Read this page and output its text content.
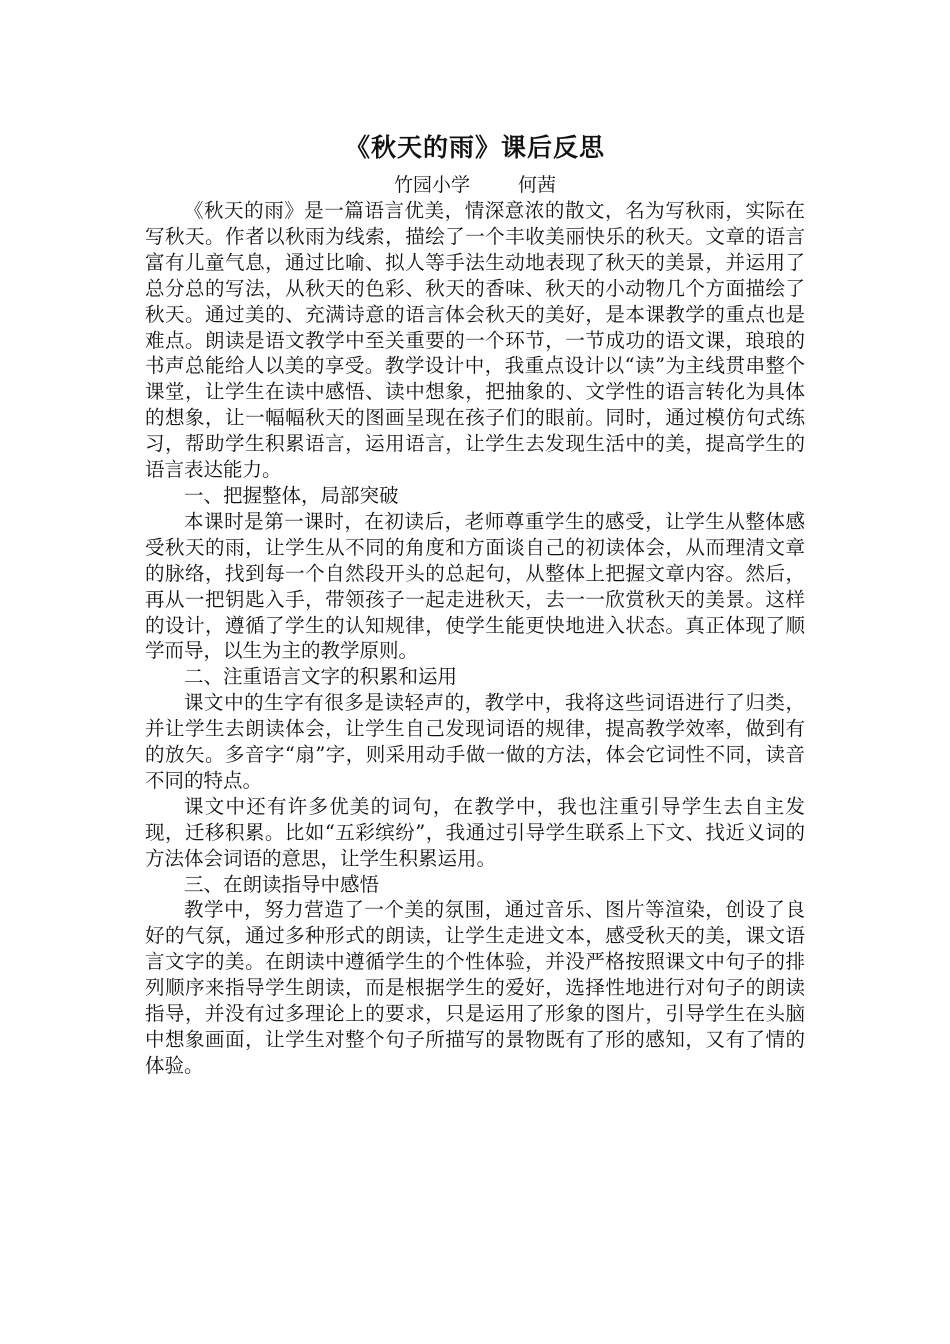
《秋天的雨》课后反思
竹园小学	何茜

《秋天的雨》是一篇语言优美，情深意浓的散文，名为写秋雨，实际在写秋天。作者以秋雨为线索，描绘了一个丰收美丽快乐的秋天。文章的语言富有儿童气息，通过比喻、拟人等手法生动地表现了秋天的美景，并运用了总分总的写法，从秋天的色彩、秋天的香味、秋天的小动物几个方面描绘了秋天。通过美的、充满诗意的语言体会秋天的美好，是本课教学的重点也是难点。朗读是语文教学中至关重要的一个环节，一节成功的语文课，琅琅的书声总能给人以美的享受。教学设计中，我重点设计以“读”为主线贯串整个课堂，让学生在读中感悟、读中想象，把抽象的、文学性的语言转化为具体的想象，让一幅幅秋天的图画呈现在孩子们的眼前。同时，通过模仿句式练习，帮助学生积累语言，运用语言，让学生去发现生活中的美，提高学生的语言表达能力。

一、把握整体，局部突破

本课时是第一课时，在初读后，老师尊重学生的感受，让学生从整体感受秋天的雨，让学生从不同的角度和方面谈自己的初读体会，从而理清文章的脉络，找到每一个自然段开头的总起句，从整体上把握文章内容。然后，再从一把钥匙入手，带领孩子一起走进秋天，去一一欣赏秋天的美景。这样的设计，遵循了学生的认知规律，使学生能更快地进入状态。真正体现了顺学而导，以生为主的教学原则。

二、注重语言文字的积累和运用

课文中的生字有很多是读轻声的，教学中，我将这些词语进行了归类，并让学生去朗读体会，让学生自己发现词语的规律，提高教学效率，做到有的放矢。多音字“扇”字，则采用动手做一做的方法，体会它词性不同，读音不同的特点。

课文中还有许多优美的词句，在教学中，我也注重引导学生去自主发现，迁移积累。比如“五彩缤纷”，我通过引导学生联系上下文、找近义词的方法体会词语的意思，让学生积累运用。

三、在朗读指导中感悟

教学中，努力营造了一个美的氛围，通过音乐、图片等渲染，创设了良好的气氛，通过多种形式的朗读，让学生走进文本，感受秋天的美，课文语言文字的美。在朗读中遵循学生的个性体验，并没严格按照课文中句子的排列顺序来指导学生朗读，而是根据学生的爱好，选择性地进行对句子的朗读指导，并没有过多理论上的要求，只是运用了形象的图片，引导学生在头脑中想象画面，让学生对整个句子所描写的景物既有了形的感知，又有了情的体验。
